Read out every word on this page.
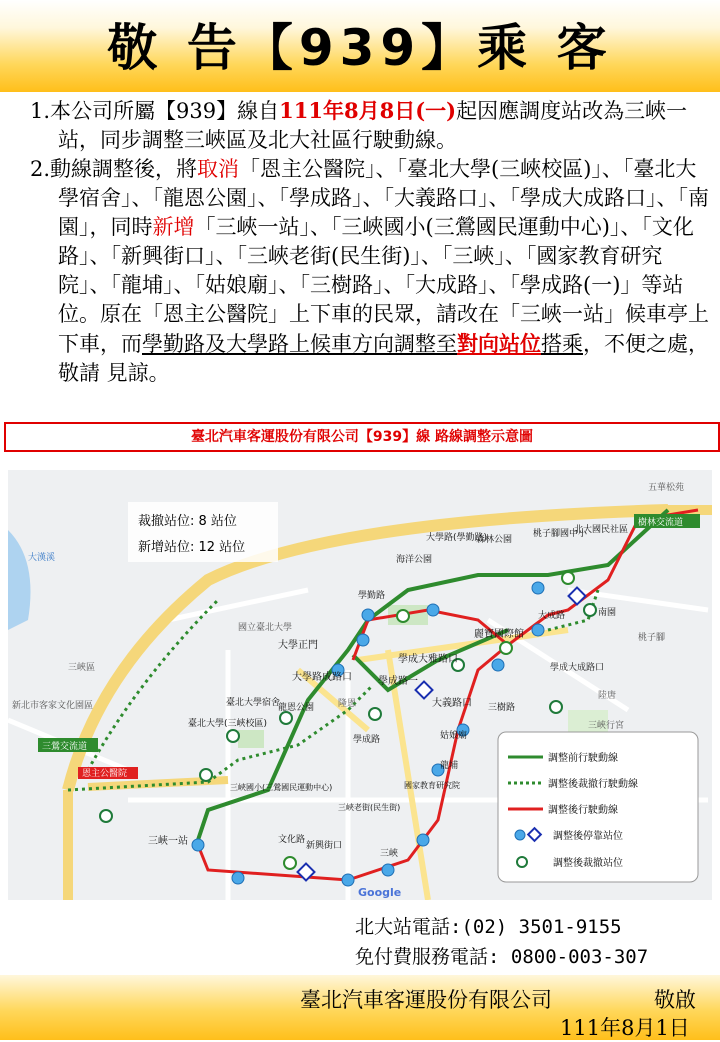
敬 告【939】乘 客

1.本公司所屬【939】線自111年8月8日(一)起因應調度站改為三峽一站，同步調整三峽區及北大社區行駛動線。

2.動線調整後，將取消「恩主公醫院」、「臺北大學(三峽校區)」、「臺北大學宿舍」、「龍恩公園」、「學成路」、「大義路口」、「學成大成路口」、「南園」，同時新增「三峽一站」、「三峽國小(三鶯國民運動中心)」、「文化路」、「新興街口」、「三峽老街(民生街)」、「三峽」、「國家教育研究院」、「龍埔」、「姑娘廟」、「三樹路」、「大成路」、「學成路(一)」等站位。原在「恩主公醫院」上下車的民眾，請改在「三峽一站」候車亭上下車，而學勤路及大學路上候車方向調整至對向站位搭乘，不便之處，敬請 見諒。

臺北汽車客運股份有限公司【939】線 路線調整示意圖
裁撤站位: 8 站位
新增站位: 12 站位
調整前行駛動線
調整後裁撤行駛動線
調整後行駛動線
調整後停靠站位
調整後裁撤站位
三峽一站
恩主公醫院
臺北大學(三峽校區)
臺北大學宿舍
龍恩公園
大學正門
大學路成路口
學成路
學勤路
海洋公園
大學路(學勤路)
森林公園
桃子腳國中小
北大國民社區
南園
大成路
學成大成路口
麗寶國際館
學成大雅路口
學成路一
大義路口 三樹路
姑娘廟
龍埔
國家教育研究院
三峽老街(民生街)
三峽
新興街口
文化路
三峽國小(三鶯國民運動中心)
樹林交流道
三鶯交流道
國立臺北大學
新北市客家文化園區
三峽區
大漢溪
五華松苑
桃子腳
隆恩
陸唐
三峽行宮
Google
北大站電話:(02) 3501-9155
免付費服務電話: 0800-003-307
臺北汽車客運股份有限公司	敬啟
111年8月1日
